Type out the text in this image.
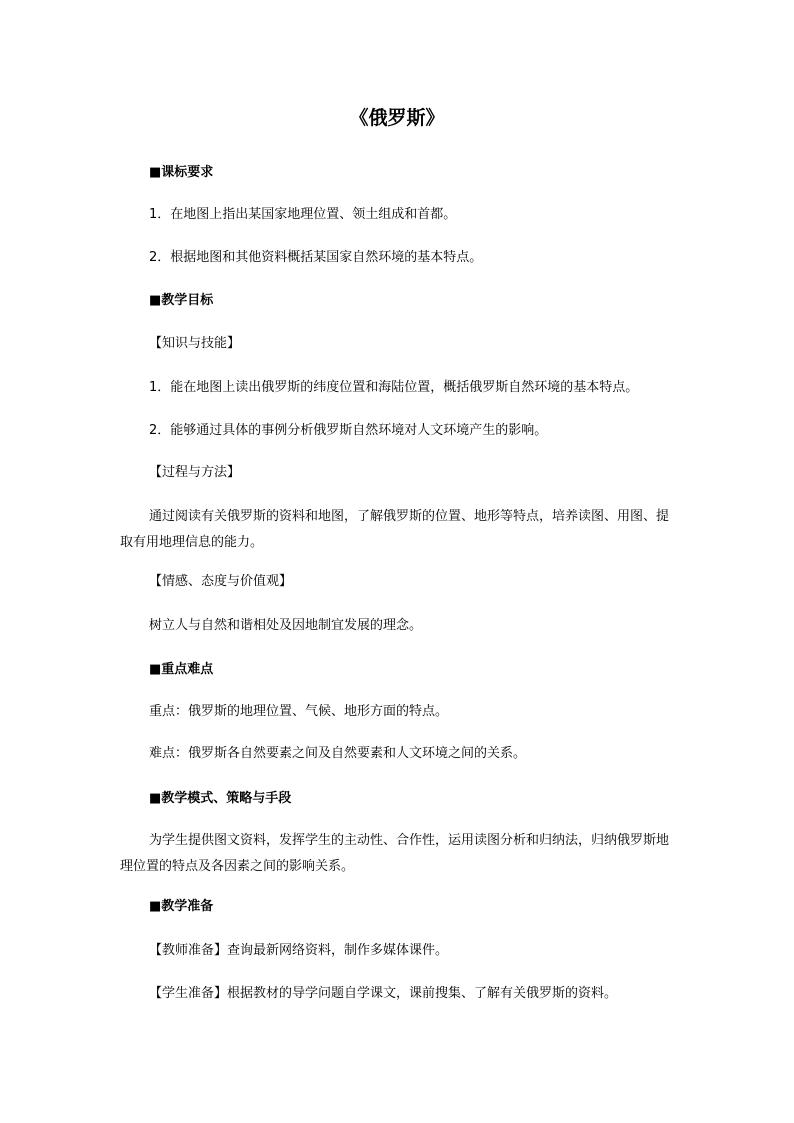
《俄罗斯》
■课标要求
1．在地图上指出某国家地理位置、领土组成和首都。
2．根据地图和其他资料概括某国家自然环境的基本特点。
■教学目标
【知识与技能】
1．能在地图上读出俄罗斯的纬度位置和海陆位置，概括俄罗斯自然环境的基本特点。
2．能够通过具体的事例分析俄罗斯自然环境对人文环境产生的影响。
【过程与方法】
通过阅读有关俄罗斯的资料和地图，了解俄罗斯的位置、地形等特点，培养读图、用图、提取有用地理信息的能力。
【情感、态度与价值观】
树立人与自然和谐相处及因地制宜发展的理念。
■重点难点
重点：俄罗斯的地理位置、气候、地形方面的特点。
难点：俄罗斯各自然要素之间及自然要素和人文环境之间的关系。
■教学模式、策略与手段
为学生提供图文资料，发挥学生的主动性、合作性，运用读图分析和归纳法，归纳俄罗斯地理位置的特点及各因素之间的影响关系。
■教学准备
【教师准备】查询最新网络资料，制作多媒体课件。
【学生准备】根据教材的导学问题自学课文，课前搜集、了解有关俄罗斯的资料。
